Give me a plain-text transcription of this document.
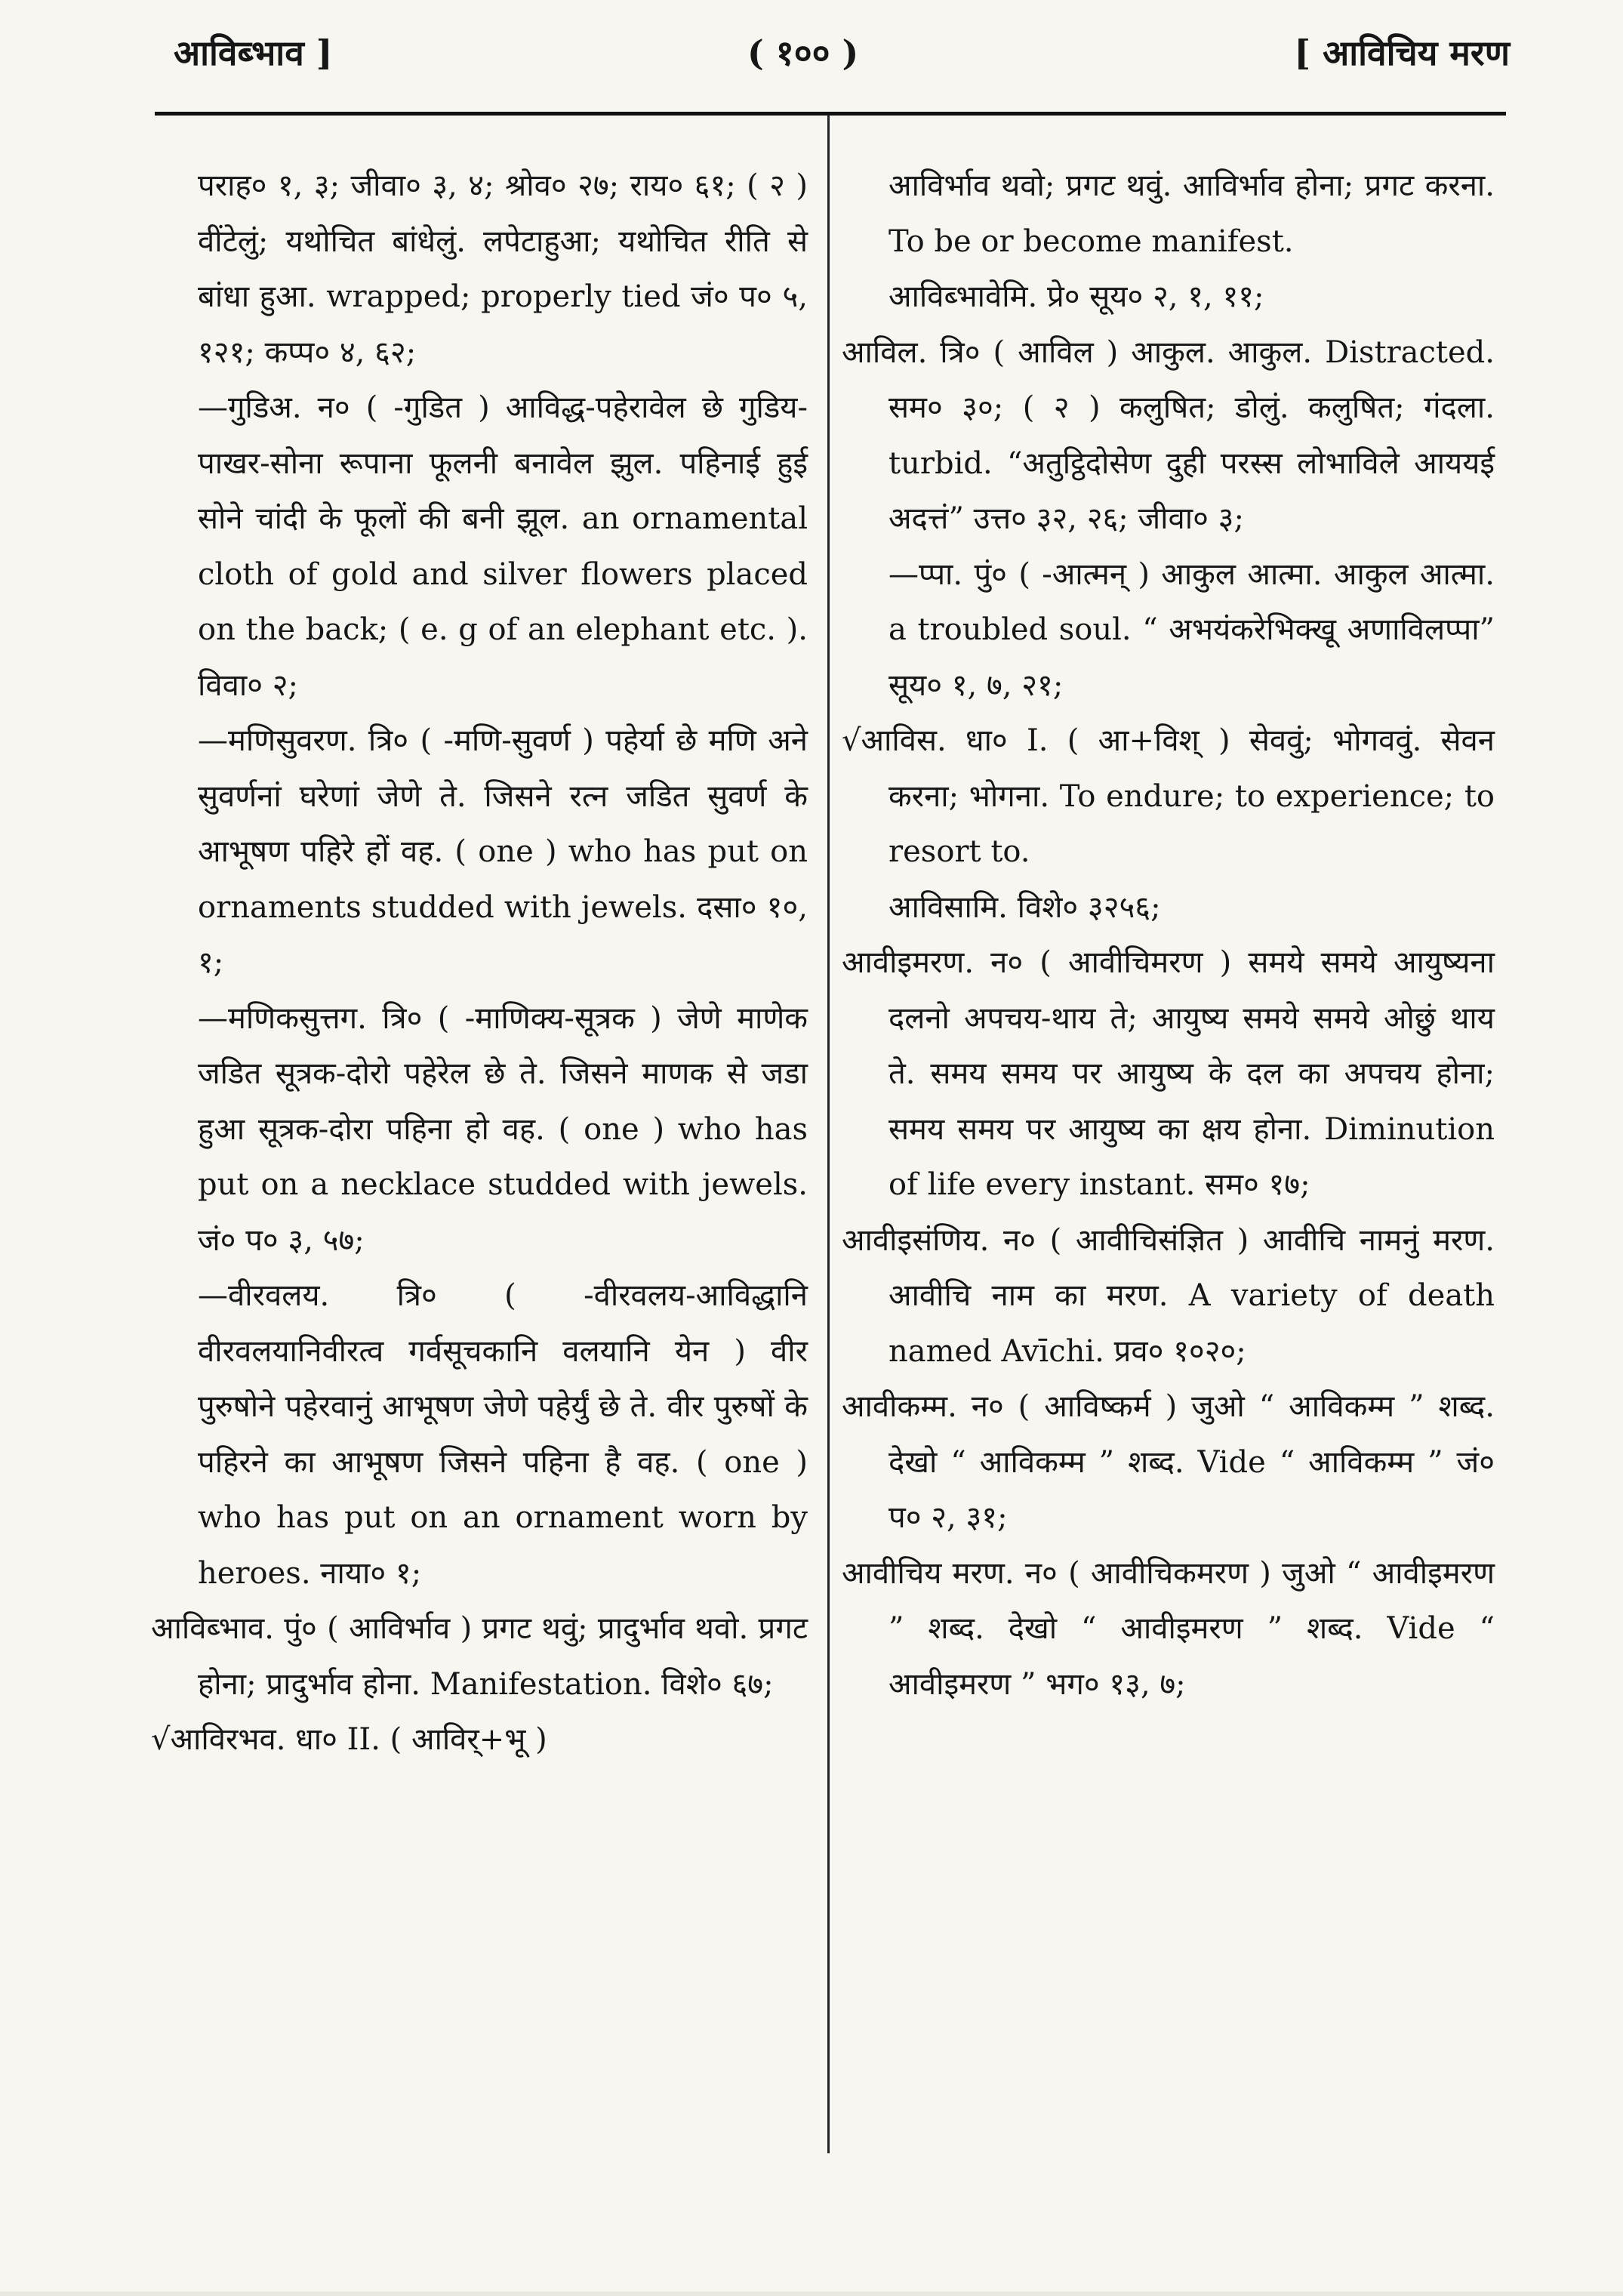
आविब्भाव ]	( १०० )	[ आविचिय मरण

पराह० १, ३; जीवा० ३, ४; श्रोव० २७; राय० ६१; ( २ ) वींटेलुं; यथोचित बांधेलुं. लपेटाहुआ; यथोचित रीति से बांधा हुआ. wrapped; properly tied जं० प० ५, १२१; कप्प० ४, ६२;

—गुडिअ. न० ( -गुडित ) आविद्ध-पहेरावेल छे गुडिय-पाखर-सोना रूपाना फूलनी बनावेल झुल. पहिनाई हुई सोने चांदी के फूलों की बनी झूल. an ornamental cloth of gold and silver flowers placed on the back; ( e. g of an elephant etc. ). विवा० २;

—मणिसुवरण. त्रि० ( -मणि-सुवर्ण ) पहेर्या छे मणि अने सुवर्णनां घरेणां जेणे ते. जिसने रत्न जडित सुवर्ण के आभूषण पहिरे हों वह. ( one ) who has put on ornaments studded with jewels. दसा० १०, १;

—मणिकसुत्तग. त्रि० ( -माणिक्य-सूत्रक ) जेणे माणेक जडित सूत्रक-दोरो पहेरेल छे ते. जिसने माणक से जडा हुआ सूत्रक-दोरा पहिना हो वह. ( one ) who has put on a necklace studded with jewels. जं० प० ३, ५७;

—वीरवलय. त्रि० ( -वीरवलय-आविद्धानि वीरवलयानिवीरत्व गर्वसूचकानि वलयानि येन ) वीर पुरुषोने पहेरवानुं आभूषण जेणे पहेर्युं छे ते. वीर पुरुषों के पहिरने का आभूषण जिसने पहिना है वह. ( one ) who has put on an ornament worn by heroes. नाया० १;

आविब्भाव. पुं० ( आविर्भाव ) प्रगट थवुं; प्रादुर्भाव थवो. प्रगट होना; प्रादुर्भाव होना. Manifestation. विशे० ६७;

√आविरभव. धा० II. ( आविर्+भू )

आविर्भाव थवो; प्रगट थवुं. आविर्भाव होना; प्रगट करना. To be or become manifest.

आविब्भावेमि. प्रे० सूय० २, १, ११;

आविल. त्रि० ( आविल ) आकुल. आकुल. Distracted. सम० ३०; ( २ ) कलुषित; डोलुं. कलुषित; गंदला. turbid. “अतुट्ठिदोसेण दुही परस्स लोभाविले आययई अदत्तं” उत्त० ३२, २६; जीवा० ३;

—प्पा. पुं० ( -आत्मन् ) आकुल आत्मा. आकुल आत्मा. a troubled soul. “ अभयंकरेभिक्खू अणाविलप्पा” सूय० १, ७, २१;

√आविस. धा० I. ( आ+विश् ) सेववुं; भोगववुं. सेवन करना; भोगना. To endure; to experience; to resort to.

आविसामि. विशे० ३२५६;

आवीइमरण. न० ( आवीचिमरण ) समये समये आयुष्यना दलनो अपचय-थाय ते; आयुष्य समये समये ओछुं थाय ते. समय समय पर आयुष्य के दल का अपचय होना; समय समय पर आयुष्य का क्षय होना. Diminution of life every instant. सम० १७;

आवीइसंणिय. न० ( आवीचिसंज्ञित ) आवीचि नामनुं मरण. आवीचि नाम का मरण. A variety of death named Avīchi. प्रव० १०२०;

आवीकम्म. न० ( आविष्कर्म ) जुओ “ आविकम्म ” शब्द. देखो “ आविकम्म ” शब्द. Vide “ आविकम्म ” जं० प० २, ३१;

आवीचिय मरण. न० ( आवीचिकमरण ) जुओ “ आवीइमरण ” शब्द. देखो “ आवीइमरण ” शब्द. Vide “ आवीइमरण ” भग० १३, ७;
